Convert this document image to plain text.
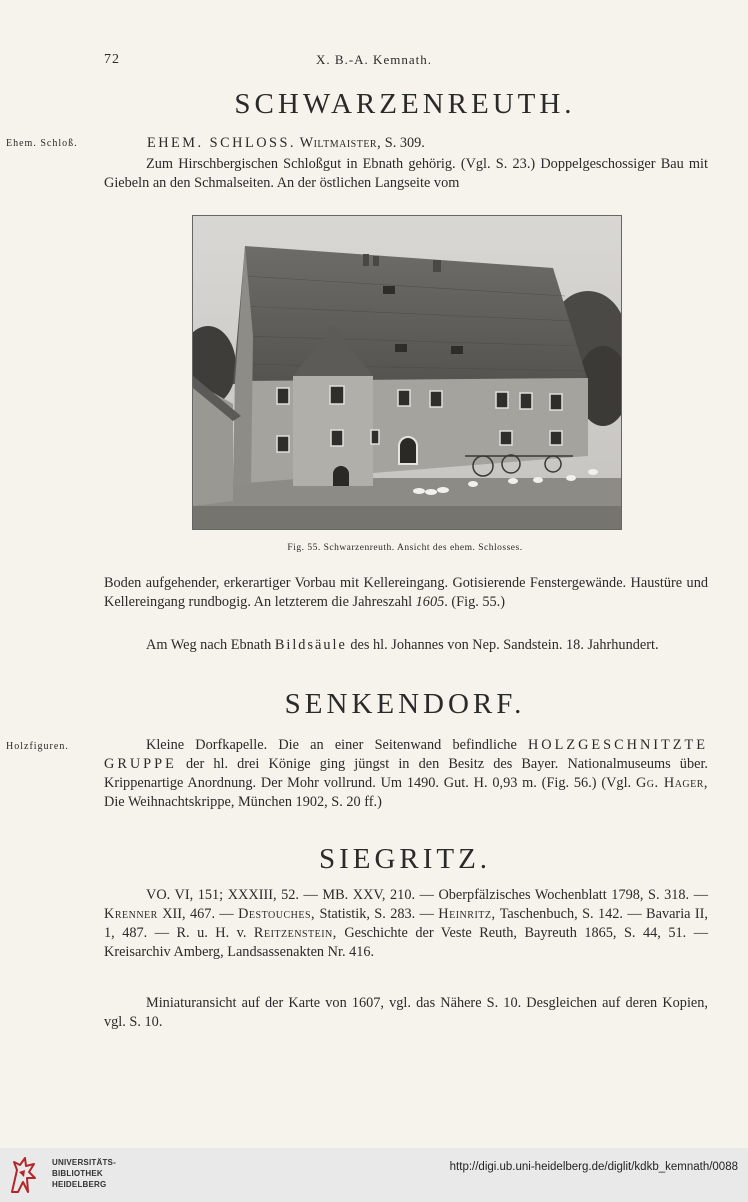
72	X. B.-A. Kemnath.
SCHWARZENREUTH.
Ehem. Schloß.	EHEM. SCHLOSS. Wiltmaister, S. 309.

Zum Hirschbergischen Schloßgut in Ebnath gehörig. (Vgl. S. 23.) Doppelgeschossiger Bau mit Giebeln an den Schmalseiten. An der östlichen Langseite vom

Fig. 55. Schwarzenreuth. Ansicht des ehem. Schlosses.

Boden aufgehender, erkerartiger Vorbau mit Kellereingang. Gotisierende Fenstergewände. Haustüre und Kellereingang rundbogig. An letzterem die Jahreszahl 1605. (Fig. 55.)

Am Weg nach Ebnath Bildsäule des hl. Johannes von Nep. Sandstein. 18. Jahrhundert.

SENKENDORF.
Holzfiguren.	Kleine Dorfkapelle. Die an einer Seitenwand befindliche HOLZGESCHNITZTE GRUPPE der hl. drei Könige ging jüngst in den Besitz des Bayer. Nationalmuseums über. Krippenartige Anordnung. Der Mohr vollrund. Um 1490. Gut. H. 0,93 m. (Fig. 56.) (Vgl. Gg. Hager, Die Weihnachtskrippe, München 1902, S. 20 ff.)

SIEGRITZ.

VO. VI, 151; XXXIII, 52. — MB. XXV, 210. — Oberpfälzisches Wochenblatt 1798, S. 318. — Krenner XII, 467. — Destouches, Statistik, S. 283. — Heinritz, Taschenbuch, S. 142. — Bavaria II, 1, 487. — R. u. H. v. Reitzenstein, Geschichte der Veste Reuth, Bayreuth 1865, S. 44, 51. — Kreisarchiv Amberg, Landsassenakten Nr. 416.

Miniaturansicht auf der Karte von 1607, vgl. das Nähere S. 10. Desgleichen auf deren Kopien, vgl. S. 10.

UNIVERSITÄTS-
BIBLIOTHEK
HEIDELBERG
http://digi.ub.uni-heidelberg.de/diglit/kdkb_kemnath/0088
